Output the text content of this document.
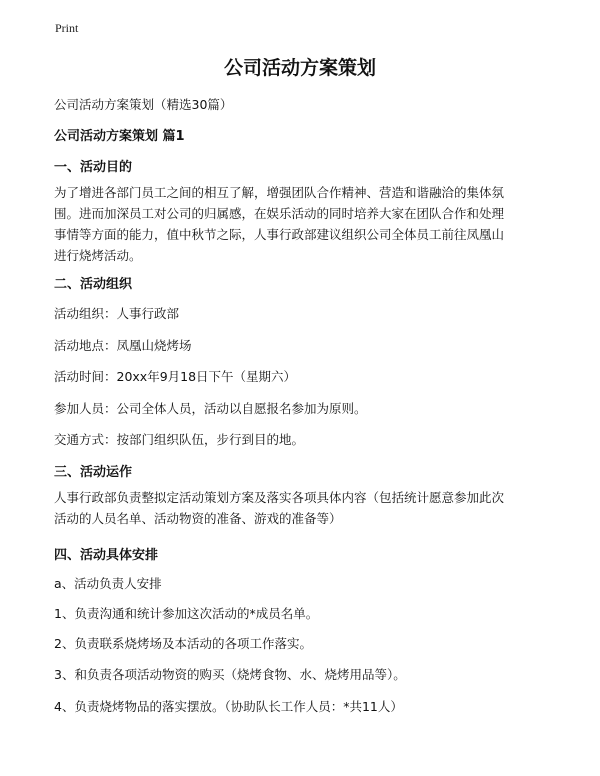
Print
公司活动方案策划
公司活动方案策划（精选30篇）
公司活动方案策划 篇1
一、活动目的
为了增进各部门员工之间的相互了解，增强团队合作精神、营造和谐融洽的集体氛
围。进而加深员工对公司的归属感，在娱乐活动的同时培养大家在团队合作和处理
事情等方面的能力，值中秋节之际，人事行政部建议组织公司全体员工前往凤凰山
进行烧烤活动。
二、活动组织
活动组织：人事行政部
活动地点：凤凰山烧烤场
活动时间：20xx年9月18日下午（星期六）
参加人员：公司全体人员，活动以自愿报名参加为原则。
交通方式：按部门组织队伍，步行到目的地。
三、活动运作
人事行政部负责整拟定活动策划方案及落实各项具体内容（包括统计愿意参加此次
活动的人员名单、活动物资的准备、游戏的准备等）
四、活动具体安排
a、活动负责人安排
1、负责沟通和统计参加这次活动的*成员名单。
2、负责联系烧烤场及本活动的各项工作落实。
3、和负责各项活动物资的购买（烧烤食物、水、烧烤用品等）。
4、负责烧烤物品的落实摆放。（协助队长工作人员：*共11人）
